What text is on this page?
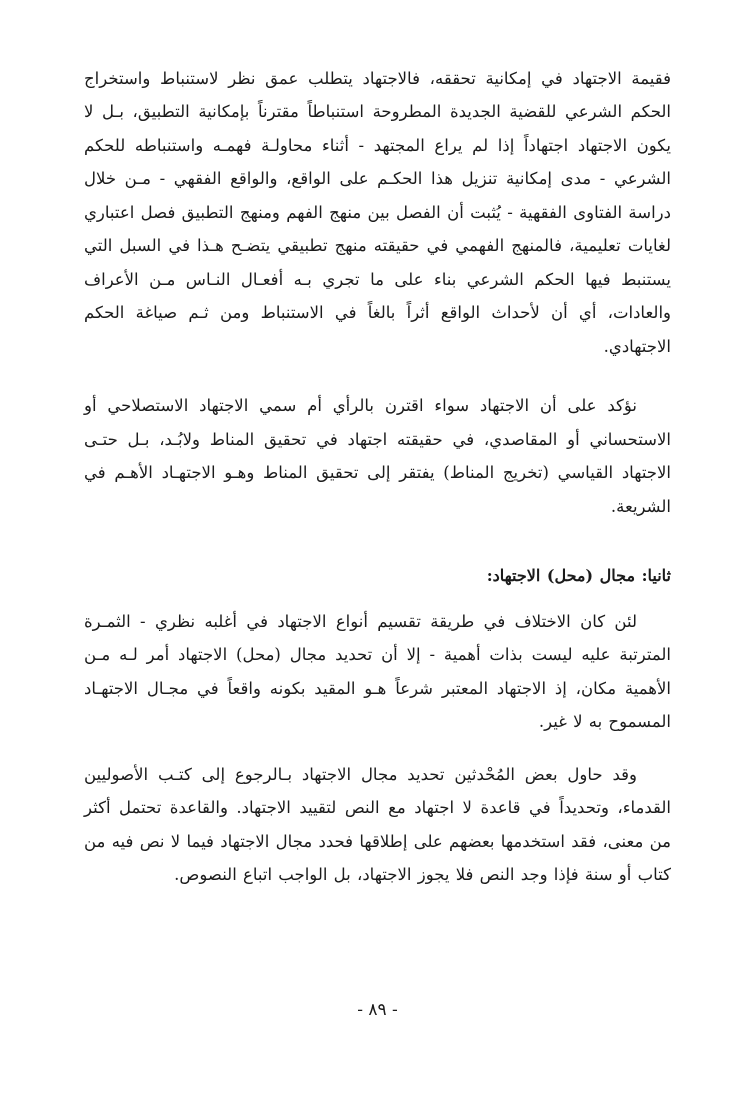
فقيمة الاجتهاد في إمكانية تحققه، فالاجتهاد يتطلب عمق نظر لاستنباط واستخراج الحكم الشرعي للقضية الجديدة المطروحة استنباطاً مقترناً بإمكانية التطبيق، بـل لا يكون الاجتهاد اجتهاداً إذا لم يراع المجتهد - أثناء محاولـة فهمـه واستنباطه للحكم الشرعي - مدى إمكانية تنزيل هذا الحكـم على الواقع، والواقع الفقهي - مـن خلال دراسة الفتاوى الفقهية - يُثبت أن الفصل بين منهج الفهم ومنهج التطبيق فصل اعتباري لغايات تعليمية، فالمنهج الفهمي في حقيقته منهج تطبيقي يتضـح هـذا في السبل التي يستنبط فيها الحكم الشرعي بناء على ما تجري بـه أفعـال النـاس مـن الأعراف والعادات، أي أن لأحداث الواقع أثراً بالغاً في الاستنباط ومن ثـم صياغة الحكم الاجتهادي.

نؤكد على أن الاجتهاد سواء اقترن بالرأي أم سمي الاجتهاد الاستصلاحي أو الاستحساني أو المقاصدي، في حقيقته اجتهاد في تحقيق المناط ولابُـد، بـل حتـى الاجتهاد القياسي (تخريج المناط) يفتقر إلى تحقيق المناط وهـو الاجتهـاد الأهـم في الشريعة.

ثانيا: مجال (محل) الاجتهاد:

لئن كان الاختلاف في طريقة تقسيم أنواع الاجتهاد في أغلبه نظري - الثمـرة المترتبة عليه ليست بذات أهمية - إلا أن تحديد مجال (محل) الاجتهاد أمر لـه مـن الأهمية مكان، إذ الاجتهاد المعتبر شرعاً هـو المقيد بكونه واقعاً في مجـال الاجتهـاد المسموح به لا غير.

وقد حاول بعض المُحْدثين تحديد مجال الاجتهاد بـالرجوع إلى كتـب الأصوليين القدماء، وتحديداً في قاعدة لا اجتهاد مع النص لتقييد الاجتهاد. والقاعدة تحتمل أكثر من معنى، فقد استخدمها بعضهم على إطلاقها فحدد مجال الاجتهاد فيما لا نص فيه من كتاب أو سنة فإذا وجد النص فلا يجوز الاجتهاد، بل الواجب اتباع النصوص.

- ٨٩ -
